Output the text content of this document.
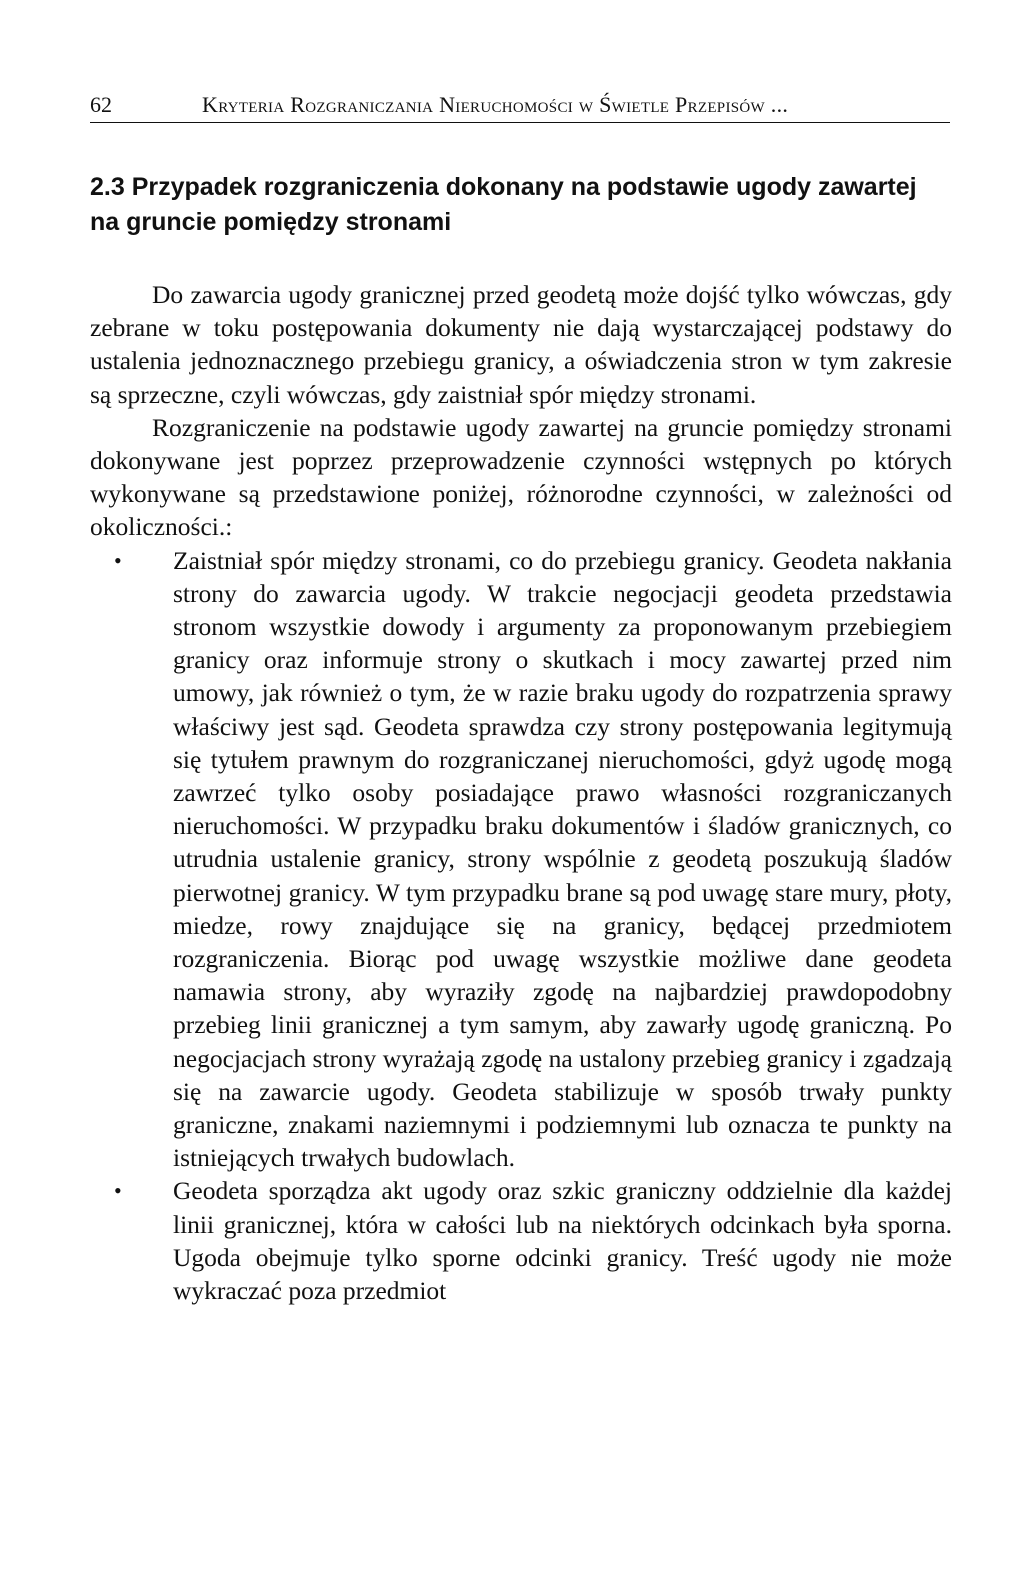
62	Kryteria Rozgraniczania Nieruchomości w Świetle Przepisów ...
2.3 Przypadek rozgraniczenia dokonany na podstawie ugody zawartej na gruncie pomiędzy stronami

Do zawarcia ugody granicznej przed geodetą może dojść tylko wówczas, gdy zebrane w toku postępowania dokumenty nie dają wystarczającej podstawy do ustalenia jednoznacznego przebiegu granicy, a oświadczenia stron w tym zakresie są sprzeczne, czyli wówczas, gdy zaistniał spór między stronami.

Rozgraniczenie na podstawie ugody zawartej na gruncie pomiędzy stronami dokonywane jest poprzez przeprowadzenie czynności wstępnych po których wykonywane są przedstawione poniżej, różnorodne czynności, w zależności od okoliczności.:

• Zaistniał spór między stronami, co do przebiegu granicy. Geodeta nakłania strony do zawarcia ugody. W trakcie negocjacji geodeta przedstawia stronom wszystkie dowody i argumenty za proponowanym przebiegiem granicy oraz informuje strony o skutkach i mocy zawartej przed nim umowy, jak również o tym, że w razie braku ugody do rozpatrzenia sprawy właściwy jest sąd. Geodeta sprawdza czy strony postępowania legitymują się tytułem prawnym do rozgraniczanej nieruchomości, gdyż ugodę mogą zawrzeć tylko osoby posiadające prawo własności rozgraniczanych nieruchomości. W przypadku braku dokumentów i śladów granicznych, co utrudnia ustalenie granicy, strony wspólnie z geodetą poszukują śladów pierwotnej granicy. W tym przypadku brane są pod uwagę stare mury, płoty, miedze, rowy znajdujące się na granicy, będącej przedmiotem rozgraniczenia. Biorąc pod uwagę wszystkie możliwe dane geodeta namawia strony, aby wyraziły zgodę na najbardziej prawdopodobny przebieg linii granicznej a tym samym, aby zawarły ugodę graniczną. Po negocjacjach strony wyrażają zgodę na ustalony przebieg granicy i zgadzają się na zawarcie ugody. Geodeta stabilizuje w sposób trwały punkty graniczne, znakami naziemnymi i podziemnymi lub oznacza te punkty na istniejących trwałych budowlach.
• Geodeta sporządza akt ugody oraz szkic graniczny oddzielnie dla każdej linii granicznej, która w całości lub na niektórych odcinkach była sporna. Ugoda obejmuje tylko sporne odcinki granicy. Treść ugody nie może wykraczać poza przedmiot
